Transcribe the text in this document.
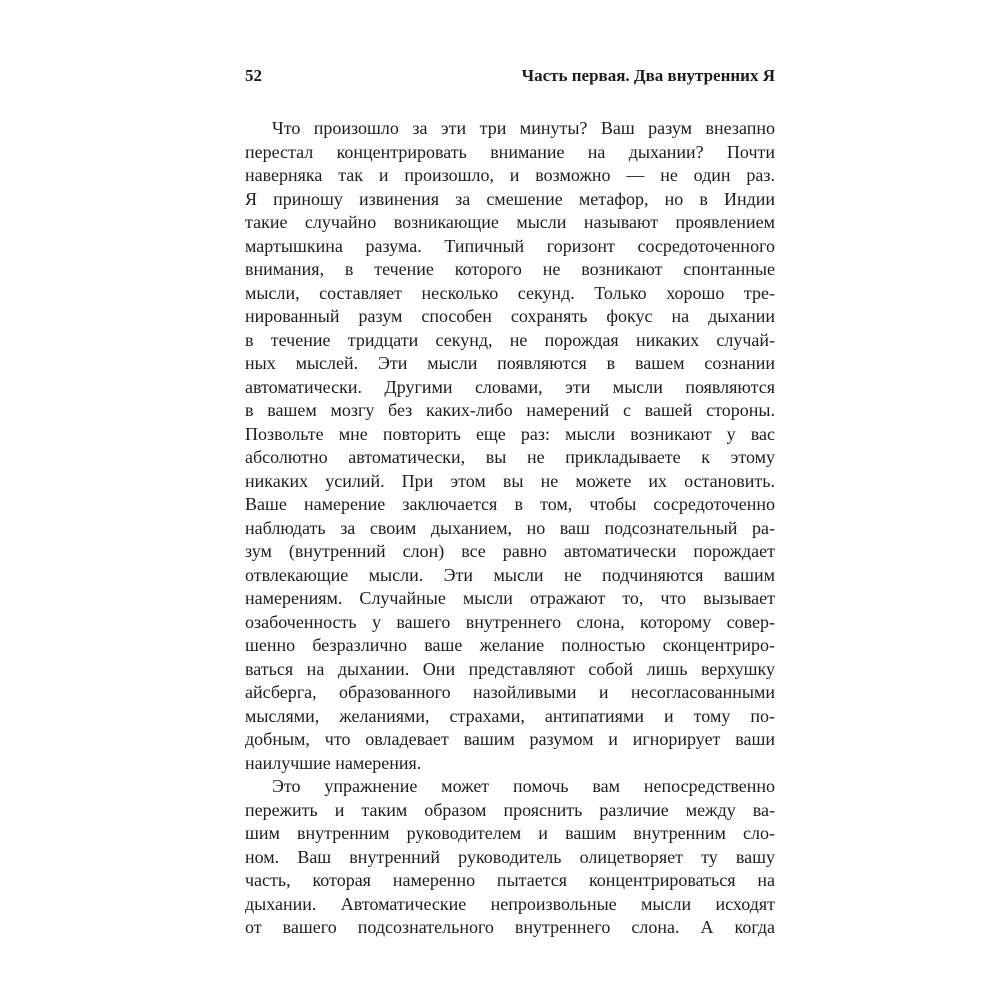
52	Часть первая. Два внутренних Я
Что произошло за эти три минуты? Ваш разум внезапно
перестал концентрировать внимание на дыхании? Почти
наверняка так и произошло, и возможно — не один раз.
Я приношу извинения за смешение метафор, но в Индии
такие случайно возникающие мысли называют проявлением
мартышкина разума. Типичный горизонт сосредоточенного
внимания, в течение которого не возникают спонтанные
мысли, составляет несколько секунд. Только хорошо тре-
нированный разум способен сохранять фокус на дыхании
в течение тридцати секунд, не порождая никаких случай-
ных мыслей. Эти мысли появляются в вашем сознании
автоматически. Другими словами, эти мысли появляются
в вашем мозгу без каких-либо намерений с вашей стороны.
Позвольте мне повторить еще раз: мысли возникают у вас
абсолютно автоматически, вы не прикладываете к этому
никаких усилий. При этом вы не можете их остановить.
Ваше намерение заключается в том, чтобы сосредоточенно
наблюдать за своим дыханием, но ваш подсознательный ра-
зум (внутренний слон) все равно автоматически порождает
отвлекающие мысли. Эти мысли не подчиняются вашим
намерениям. Случайные мысли отражают то, что вызывает
озабоченность у вашего внутреннего слона, которому совер-
шенно безразлично ваше желание полностью сконцентриро-
ваться на дыхании. Они представляют собой лишь верхушку
айсберга, образованного назойливыми и несогласованными
мыслями, желаниями, страхами, антипатиями и тому по-
добным, что овладевает вашим разумом и игнорирует ваши
наилучшие намерения.
Это упражнение может помочь вам непосредственно
пережить и таким образом прояснить различие между ва-
шим внутренним руководителем и вашим внутренним сло-
ном. Ваш внутренний руководитель олицетворяет ту вашу
часть, которая намеренно пытается концентрироваться на
дыхании. Автоматические непроизвольные мысли исходят
от вашего подсознательного внутреннего слона. А когда
